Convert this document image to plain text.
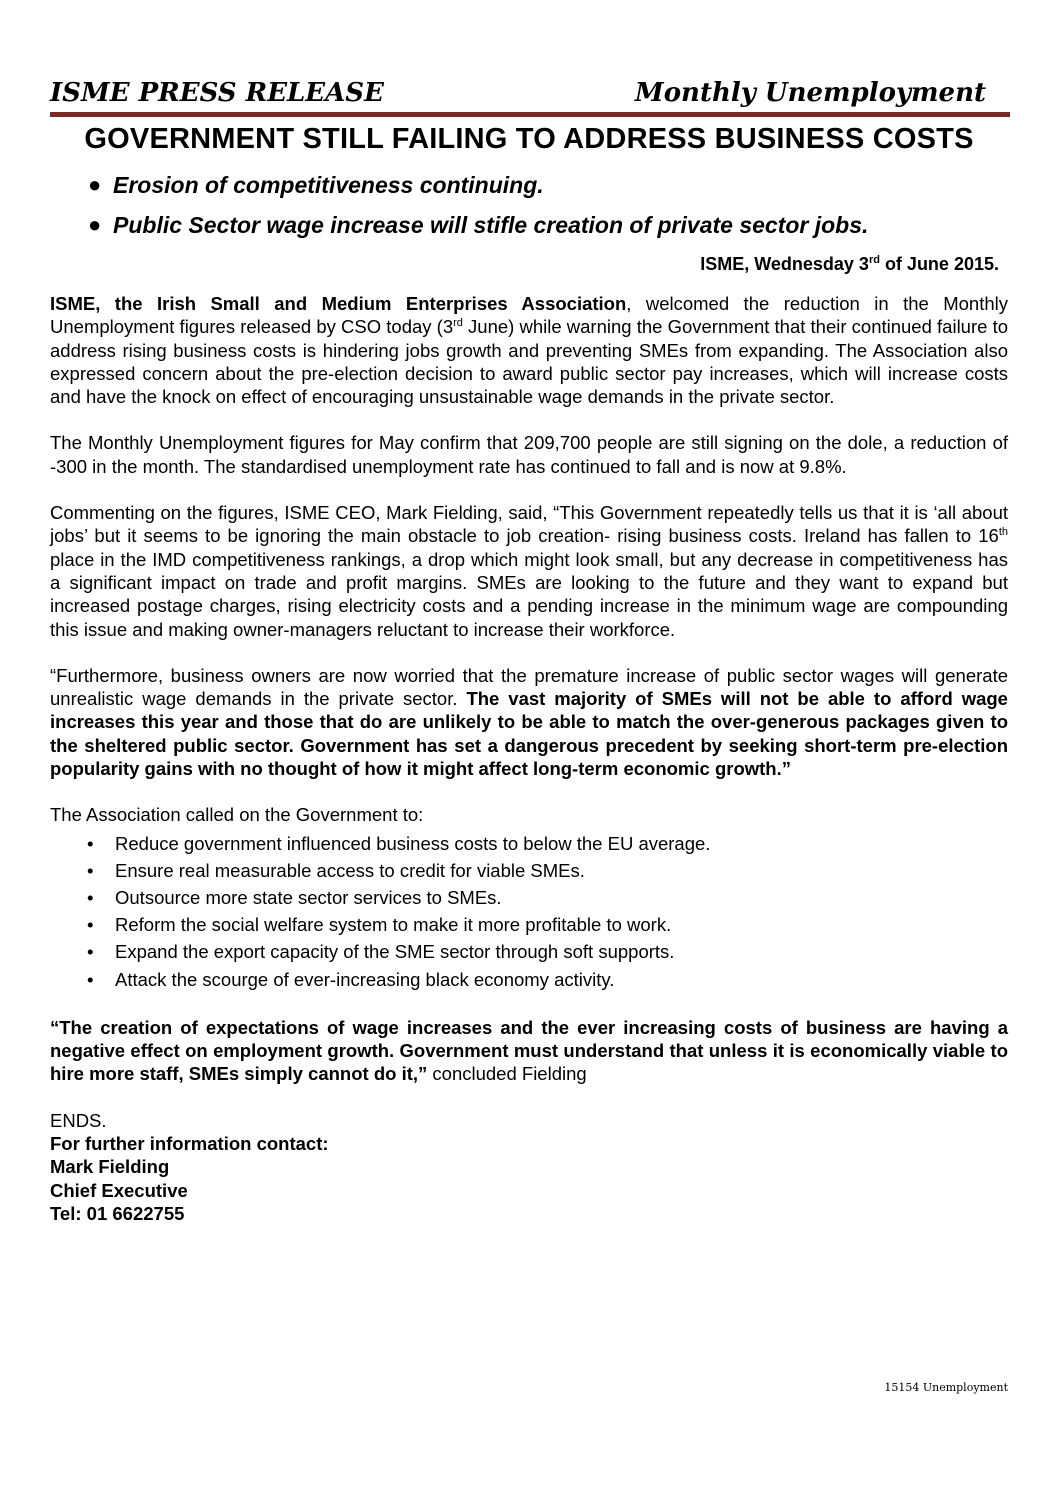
ISME PRESS RELEASE	Monthly Unemployment
GOVERNMENT STILL FAILING TO ADDRESS BUSINESS COSTS
● Erosion of competitiveness continuing.
● Public Sector wage increase will stifle creation of private sector jobs.
ISME, Wednesday 3rd of June 2015.

ISME, the Irish Small and Medium Enterprises Association, welcomed the reduction in the Monthly Unemployment figures released by CSO today (3rd June) while warning the Government that their continued failure to address rising business costs is hindering jobs growth and preventing SMEs from expanding. The Association also expressed concern about the pre-election decision to award public sector pay increases, which will increase costs and have the knock on effect of encouraging unsustainable wage demands in the private sector.

The Monthly Unemployment figures for May confirm that 209,700 people are still signing on the dole, a reduction of -300 in the month. The standardised unemployment rate has continued to fall and is now at 9.8%.

Commenting on the figures, ISME CEO, Mark Fielding, said, “This Government repeatedly tells us that it is ‘all about jobs’ but it seems to be ignoring the main obstacle to job creation- rising business costs. Ireland has fallen to 16th place in the IMD competitiveness rankings, a drop which might look small, but any decrease in competitiveness has a significant impact on trade and profit margins. SMEs are looking to the future and they want to expand but increased postage charges, rising electricity costs and a pending increase in the minimum wage are compounding this issue and making owner-managers reluctant to increase their workforce.

“Furthermore, business owners are now worried that the premature increase of public sector wages will generate unrealistic wage demands in the private sector. The vast majority of SMEs will not be able to afford wage increases this year and those that do are unlikely to be able to match the over-generous packages given to the sheltered public sector. Government has set a dangerous precedent by seeking short-term pre-election popularity gains with no thought of how it might affect long-term economic growth.”

The Association called on the Government to:
• Reduce government influenced business costs to below the EU average.
• Ensure real measurable access to credit for viable SMEs.
• Outsource more state sector services to SMEs.
• Reform the social welfare system to make it more profitable to work.
• Expand the export capacity of the SME sector through soft supports.
• Attack the scourge of ever-increasing black economy activity.

“The creation of expectations of wage increases and the ever increasing costs of business are having a negative effect on employment growth. Government must understand that unless it is economically viable to hire more staff, SMEs simply cannot do it,” concluded Fielding

ENDS.
For further information contact:
Mark Fielding
Chief Executive
Tel: 01 6622755
15154 Unemployment
